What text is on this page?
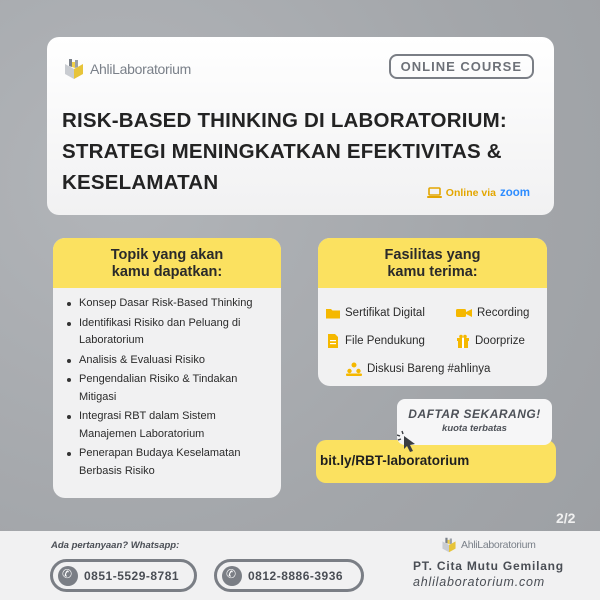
AhliLaboratorium	ONLINE COURSE
RISK-BASED THINKING DI LABORATORIUM:
STRATEGI MENINGKATKAN EFEKTIVITAS &
KESELAMATAN	Online via zoom
Topik yang akan
kamu dapatkan:
Konsep Dasar Risk-Based Thinking
Identifikasi Risiko dan Peluang di Laboratorium
Analisis & Evaluasi Risiko
Pengendalian Risiko & Tindakan Mitigasi
Integrasi RBT dalam Sistem Manajemen Laboratorium
Penerapan Budaya Keselamatan Berbasis Risiko
Fasilitas yang
kamu terima:
Sertifikat Digital	Recording
File Pendukung	Doorprize
Diskusi Bareng #ahlinya
bit.ly/RBT-laboratorium
DAFTAR SEKARANG!
kuota terbatas
2/2
Ada pertanyaan? Whatsapp:
✆
0851-5529-8781
✆	0812-8886-3936
AhliLaboratorium
PT. Cita Mutu Gemilang
ahlilaboratorium.com
